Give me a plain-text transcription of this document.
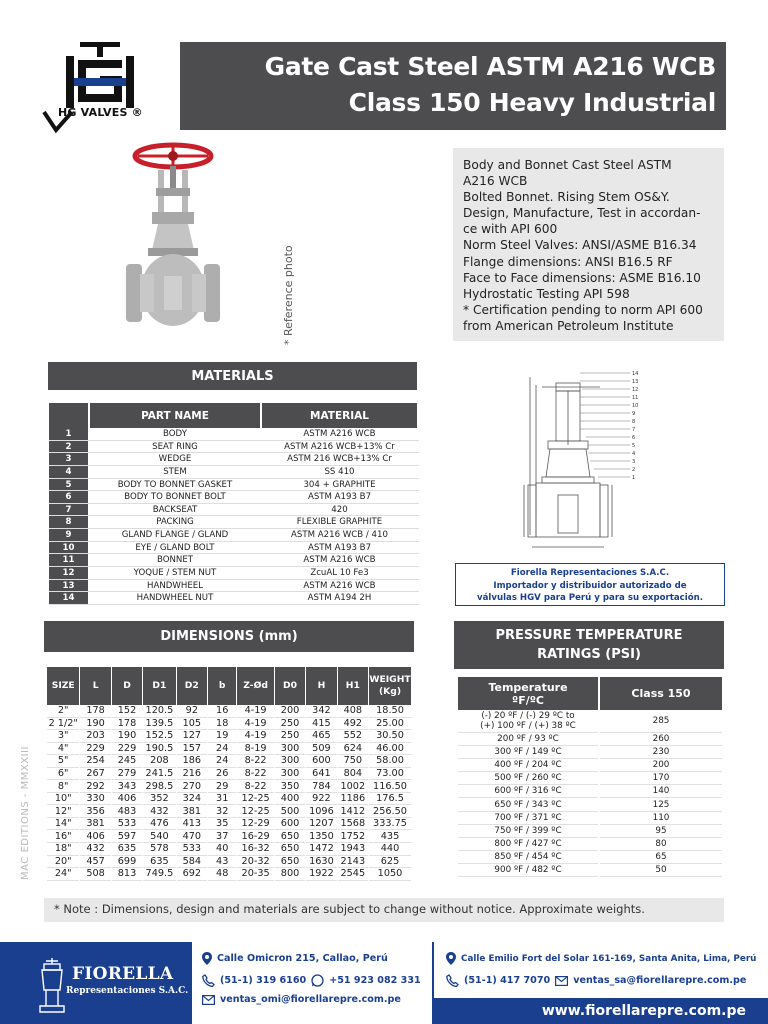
HG VALVES ®
Gate Cast Steel ASTM A216 WCB
Class 150 Heavy Industrial
* Reference photo
Body and Bonnet Cast Steel ASTM
A216 WCB
Bolted Bonnet. Rising Stem OS&Y.
Design, Manufacture, Test in accordan-
ce with API 600
Norm Steel Valves: ANSI/ASME B16.34
Flange dimensions: ANSI B16.5 RF
Face to Face dimensions: ASME B16.10
Hydrostatic Testing API 598
* Certification pending to norm API 600
from American Petroleum Institute
MATERIALS
PART NAME	MATERIAL
1	BODY	ASTM A216 WCB
2	SEAT RING	ASTM A216 WCB+13% Cr
3	WEDGE	ASTM 216 WCB+13% Cr
4	STEM	SS 410
5	BODY TO BONNET GASKET	304 + GRAPHITE
6	BODY TO BONNET BOLT	ASTM A193 B7
7	BACKSEAT	420
8	PACKING	FLEXIBLE GRAPHITE
9	GLAND FLANGE / GLAND	ASTM A216 WCB / 410
10	EYE / GLAND BOLT	ASTM A193 B7
11	BONNET	ASTM A216 WCB
12	YOQUE / STEM NUT	ZcuAL 10 Fe3
13	HANDWHEEL	ASTM A216 WCB
14	HANDWHEEL NUT	ASTM A194 2H
14
13
12
11
10
9
8
7
6
5
4
3
2
1
Fiorella Representaciones S.A.C.
Importador y distribuidor autorizado de
válvulas HGV para Perú y para su exportación.
DIMENSIONS (mm)
SIZE	L	D	D1	D2	b	Z-Ød	D0	H	H1	WEIGHT
(Kg)
2"	178	152	120.5	92	16	4-19	200	342	408	18.50
2 1/2"	190	178	139.5	105	18	4-19	250	415	492	25.00
3"	203	190	152.5	127	19	4-19	250	465	552	30.50
4"	229	229	190.5	157	24	8-19	300	509	624	46.00
5"	254	245	208	186	24	8-22	300	600	750	58.00
6"	267	279	241.5	216	26	8-22	300	641	804	73.00
8"	292	343	298.5	270	29	8-22	350	784	1002	116.50
10"	330	406	352	324	31	12-25	400	922	1186	176.5
12"	356	483	432	381	32	12-25	500	1096	1412	256.50
14"	381	533	476	413	35	12-29	600	1207	1568	333.75
16"	406	597	540	470	37	16-29	650	1350	1752	435
18"	432	635	578	533	40	16-32	650	1472	1943	440
20"	457	699	635	584	43	20-32	650	1630	2143	625
24"	508	813	749.5	692	48	20-35	800	1922	2545	1050
MAC EDITIONS - MMXXIII
PRESSURE TEMPERATURE
RATINGS (PSI)
Temperature
ºF/ºC	Class 150

(-) 20 ºF / (-) 29 ºC to
(+) 100 ºF / (+) 38 ºC	285
200 ºF / 93 ºC	260
300 ºF / 149 ºC	230
400 ºF / 204 ºC	200
500 ºF / 260 ºC	170
600 ºF / 316 ºC	140
650 ºF / 343 ºC	125
700 ºF / 371 ºC	110
750 ºF / 399 ºC	95
800 ºF / 427 ºC	80
850 ºF / 454 ºC	65
900 ºF / 482 ºC	50
* Note : Dimensions, design and materials are subject to change without notice. Approximate weights.
FIORELLA
Representaciones S.A.C.
Calle Omicron 215, Callao, Perú
(51-1) 319 6160 +51 923 082 331
ventas_omi@fiorellarepre.com.pe
Calle Emilio Fort del Solar 161-169, Santa Anita, Lima, Perú
(51-1) 417 7070 ventas_sa@fiorellarepre.com.pe
www.fiorellarepre.com.pe
